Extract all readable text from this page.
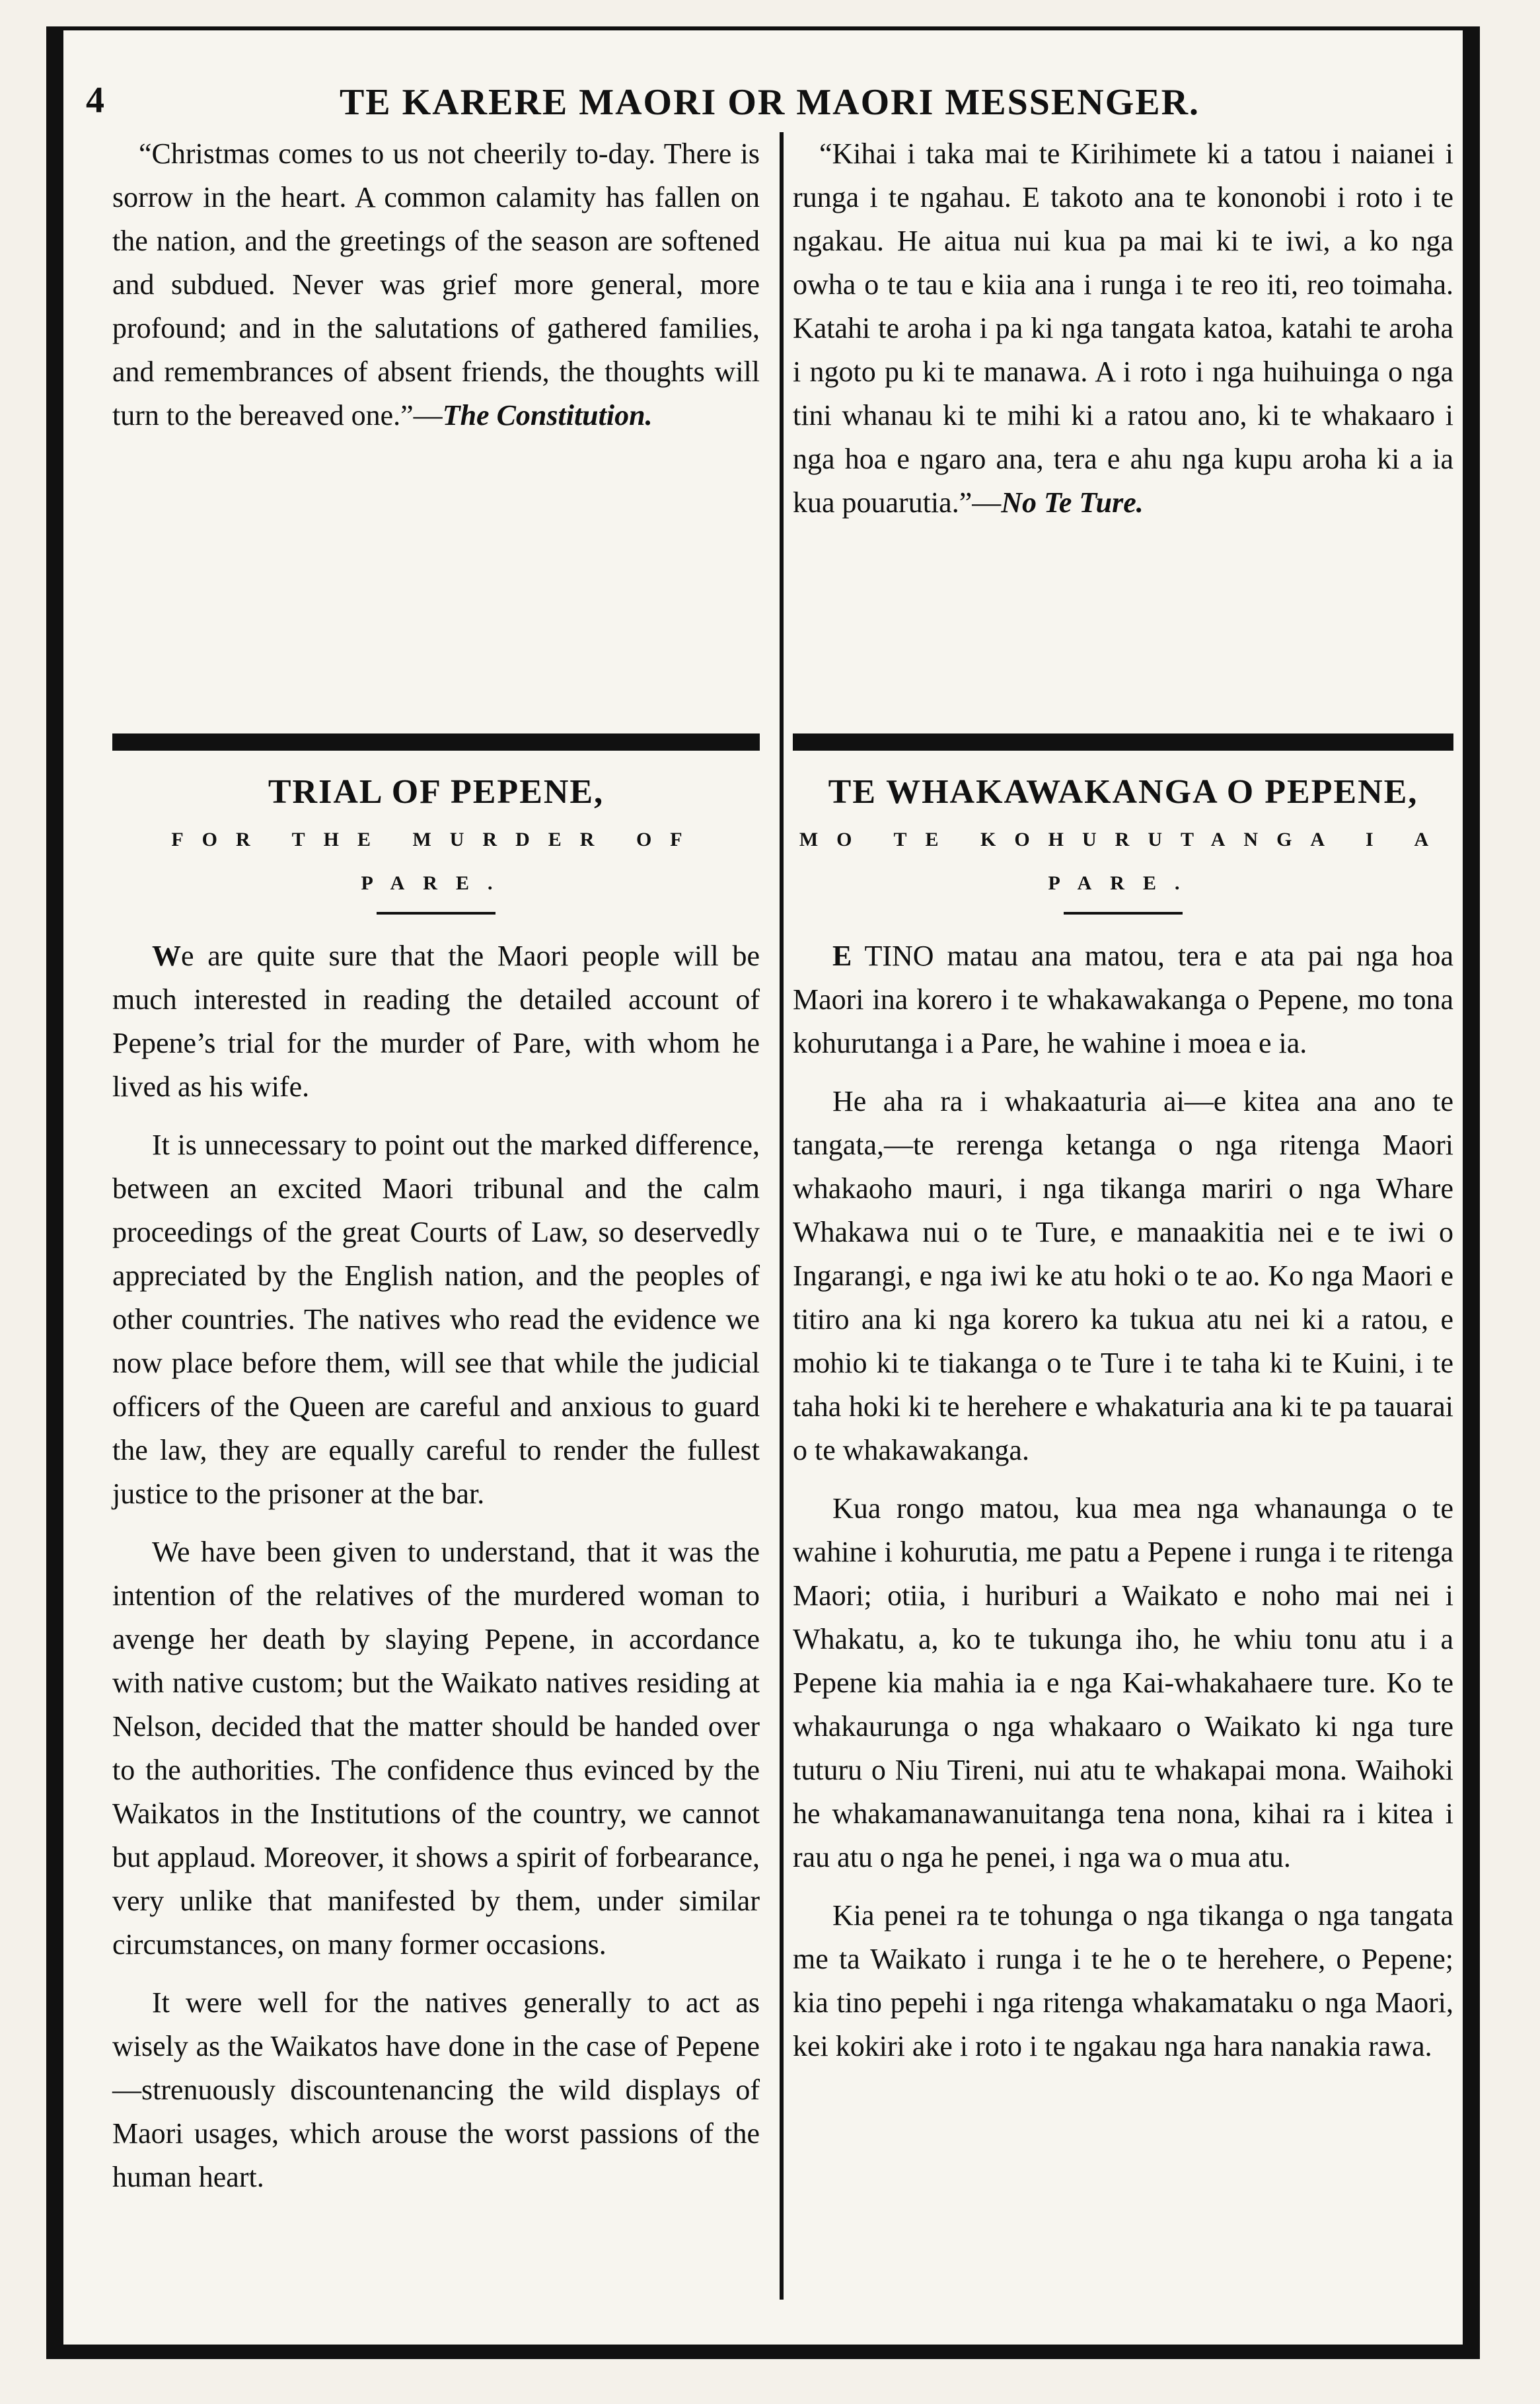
4	TE KARERE MAORI OR MAORI MESSENGER.

“Christmas comes to us not cheerily to-day. There is sorrow in the heart. A common calamity has fallen on the nation, and the greetings of the season are softened and subdued. Never was grief more general, more profound; and in the salutations of gathered families, and remembrances of absent friends, the thoughts will turn to the bereaved one.”—The Constitution.

TRIAL OF PEPENE,
FOR THE MURDER OF PARE.

We are quite sure that the Maori people will be much interested in reading the detailed account of Pepene’s trial for the murder of Pare, with whom he lived as his wife.

It is unnecessary to point out the marked difference, between an excited Maori tribunal and the calm proceedings of the great Courts of Law, so deservedly appreciated by the English nation, and the peoples of other countries. The natives who read the evidence we now place before them, will see that while the judicial officers of the Queen are careful and anxious to guard the law, they are equally careful to render the fullest justice to the prisoner at the bar.

We have been given to understand, that it was the intention of the relatives of the murdered woman to avenge her death by slaying Pepene, in accordance with native custom; but the Waikato natives residing at Nelson, decided that the matter should be handed over to the authorities. The confidence thus evinced by the Waikatos in the Institutions of the country, we cannot but applaud. Moreover, it shows a spirit of forbearance, very unlike that manifested by them, under similar circumstances, on many former occasions.

It were well for the natives generally to act as wisely as the Waikatos have done in the case of Pepene—strenuously discountenancing the wild displays of Maori usages, which arouse the worst passions of the human heart.

“Kihai i taka mai te Kirihimete ki a tatou i naianei i runga i te ngahau. E takoto ana te kononobi i roto i te ngakau. He aitua nui kua pa mai ki te iwi, a ko nga owha o te tau e kiia ana i runga i te reo iti, reo toimaha. Katahi te aroha i pa ki nga tangata katoa, katahi te aroha i ngoto pu ki te manawa. A i roto i nga huihuinga o nga tini whanau ki te mihi ki a ratou ano, ki te whakaaro i nga hoa e ngaro ana, tera e ahu nga kupu aroha ki a ia kua pouarutia.”—No Te Ture.

TE WHAKAWAKANGA O PEPENE,
MO TE KOHURUTANGA I A PARE.

E TINO matau ana matou, tera e ata pai nga hoa Maori ina korero i te whakawakanga o Pepene, mo tona kohurutanga i a Pare, he wahine i moea e ia.

He aha ra i whakaaturia ai—e kitea ana ano te tangata,—te rerenga ketanga o nga ritenga Maori whakaoho mauri, i nga tikanga mariri o nga Whare Whakawa nui o te Ture, e manaakitia nei e te iwi o Ingarangi, e nga iwi ke atu hoki o te ao. Ko nga Maori e titiro ana ki nga korero ka tukua atu nei ki a ratou, e mohio ki te tiakanga o te Ture i te taha ki te Kuini, i te taha hoki ki te herehere e whakaturia ana ki te pa tauarai o te whakawakanga.

Kua rongo matou, kua mea nga whanaunga o te wahine i kohurutia, me patu a Pepene i runga i te ritenga Maori; otiia, i huriburi a Waikato e noho mai nei i Whakatu, a, ko te tukunga iho, he whiu tonu atu i a Pepene kia mahia ia e nga Kai-whakahaere ture. Ko te whakaurunga o nga whakaaro o Waikato ki nga ture tuturu o Niu Tireni, nui atu te whakapai mona. Waihoki he whakamanawanuitanga tena nona, kihai ra i kitea i rau atu o nga he penei, i nga wa o mua atu.

Kia penei ra te tohunga o nga tikanga o nga tangata me ta Waikato i runga i te he o te herehere, o Pepene; kia tino pepehi i nga ritenga whakamataku o nga Maori, kei kokiri ake i roto i te ngakau nga hara nanakia rawa.
